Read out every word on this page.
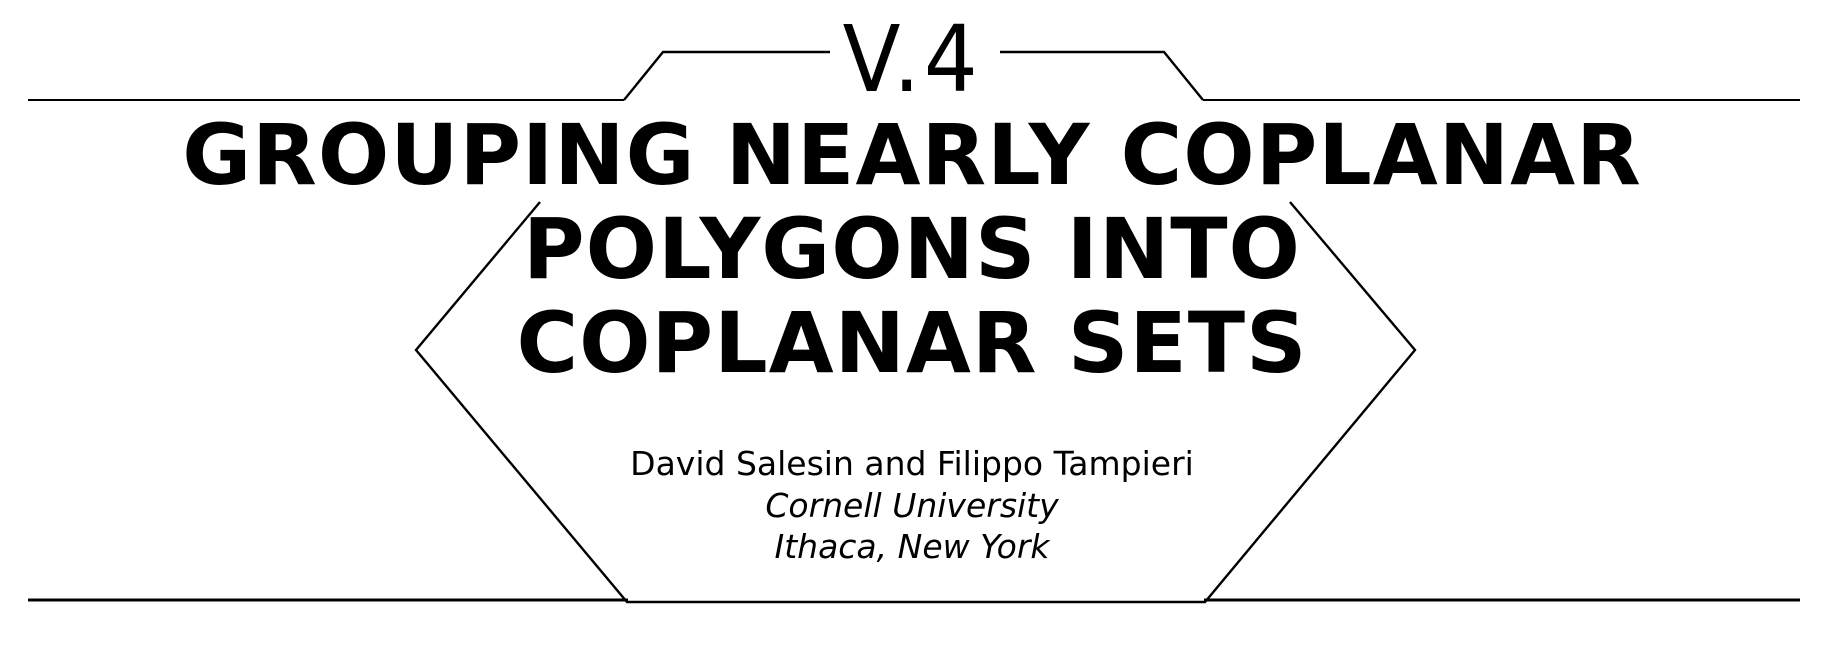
V.4
GROUPING NEARLY COPLANAR
POLYGONS INTO
COPLANAR SETS
David Salesin and Filippo Tampieri
Cornell University
Ithaca, New York
